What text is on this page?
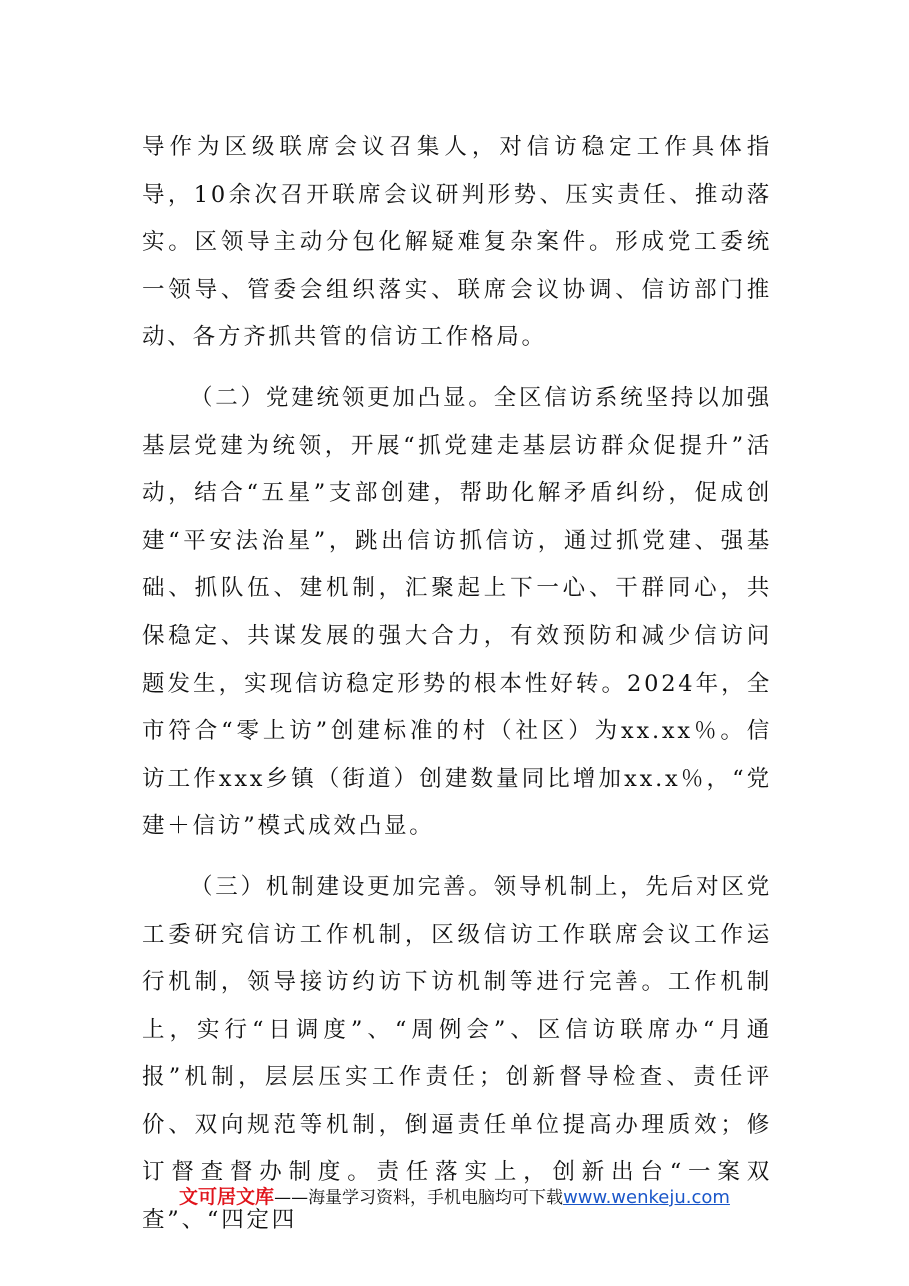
导作为区级联席会议召集人，对信访稳定工作具体指导，10余次召开联席会议研判形势、压实责任、推动落实。区领导主动分包化解疑难复杂案件。形成党工委统一领导、管委会组织落实、联席会议协调、信访部门推动、各方齐抓共管的信访工作格局。

（二）党建统领更加凸显。全区信访系统坚持以加强基层党建为统领，开展“抓党建走基层访群众促提升”活动，结合“五星”支部创建，帮助化解矛盾纠纷，促成创建“平安法治星”，跳出信访抓信访，通过抓党建、强基础、抓队伍、建机制，汇聚起上下一心、干群同心，共保稳定、共谋发展的强大合力，有效预防和减少信访问题发生，实现信访稳定形势的根本性好转。2024年，全市符合“零上访”创建标准的村（社区）为xx.xx％。信访工作xxx乡镇（街道）创建数量同比增加xx.x％，“党建＋信访”模式成效凸显。

（三）机制建设更加完善。领导机制上，先后对区党工委研究信访工作机制，区级信访工作联席会议工作运行机制，领导接访约访下访机制等进行完善。工作机制上，实行“日调度”、“周例会”、区信访联席办“月通报”机制，层层压实工作责任；创新督导检查、责任评价、双向规范等机制，倒逼责任单位提高办理质效；修订督查督办制度。责任落实上，创新出台“一案双查”、“四定四

文可居文库——海量学习资料，手机电脑均可下载www.wenkeju.com
